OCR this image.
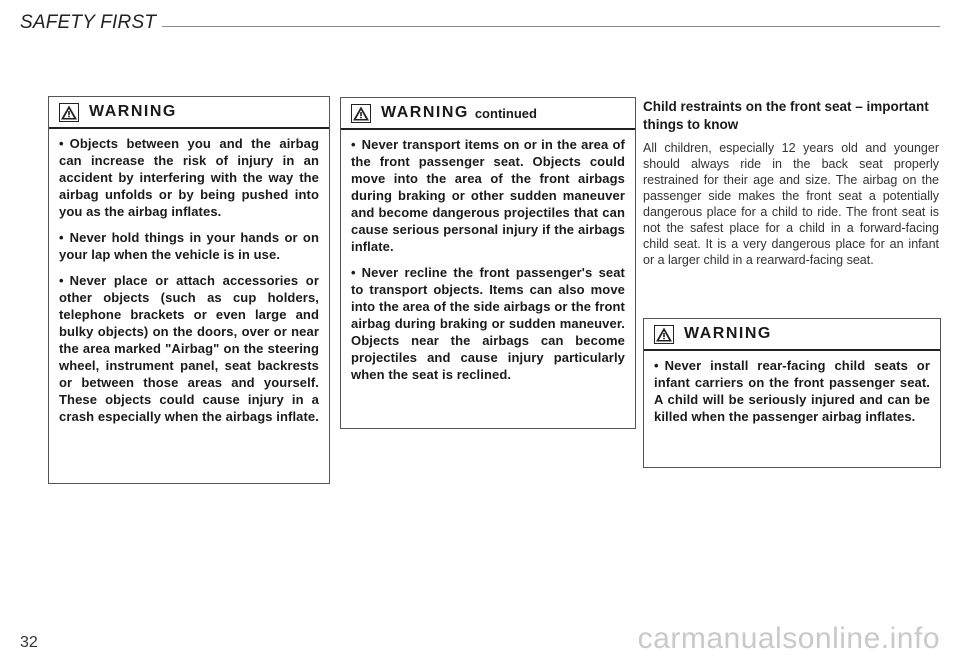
SAFETY FIRST
WARNING

• Objects between you and the airbag can increase the risk of injury in an accident by interfering with the way the airbag unfolds or by being pushed into you as the airbag inflates.

• Never hold things in your hands or on your lap when the vehicle is in use.

• Never place or attach accessories or other objects (such as cup holders, telephone brackets or even large and bulky objects) on the doors, over or near the area marked "Airbag" on the steering wheel, instrument panel, seat backrests or between those areas and yourself. These objects could cause injury in a crash especially when the airbags inflate.

WARNING continued

• Never transport items on or in the area of the front passenger seat. Objects could move into the area of the front airbags during braking or other sudden maneuver and become dangerous projectiles that can cause serious personal injury if the airbags inflate.

• Never recline the front passenger's seat to transport objects. Items can also move into the area of the side airbags or the front airbag during braking or sudden maneuver. Objects near the airbags can become projectiles and cause injury particularly when the seat is reclined.

Child restraints on the front seat – important things to know

All children, especially 12 years old and younger should always ride in the back seat properly restrained for their age and size. The airbag on the passenger side makes the front seat a potentially dangerous place for a child to ride. The front seat is not the safest place for a child in a forward-facing child seat. It is a very dangerous place for an infant or a larger child in a rearward-facing seat.

WARNING

• Never install rear-facing child seats or infant carriers on the front passenger seat. A child will be seriously injured and can be killed when the passenger airbag inflates.

32	carmanualsonline.info
